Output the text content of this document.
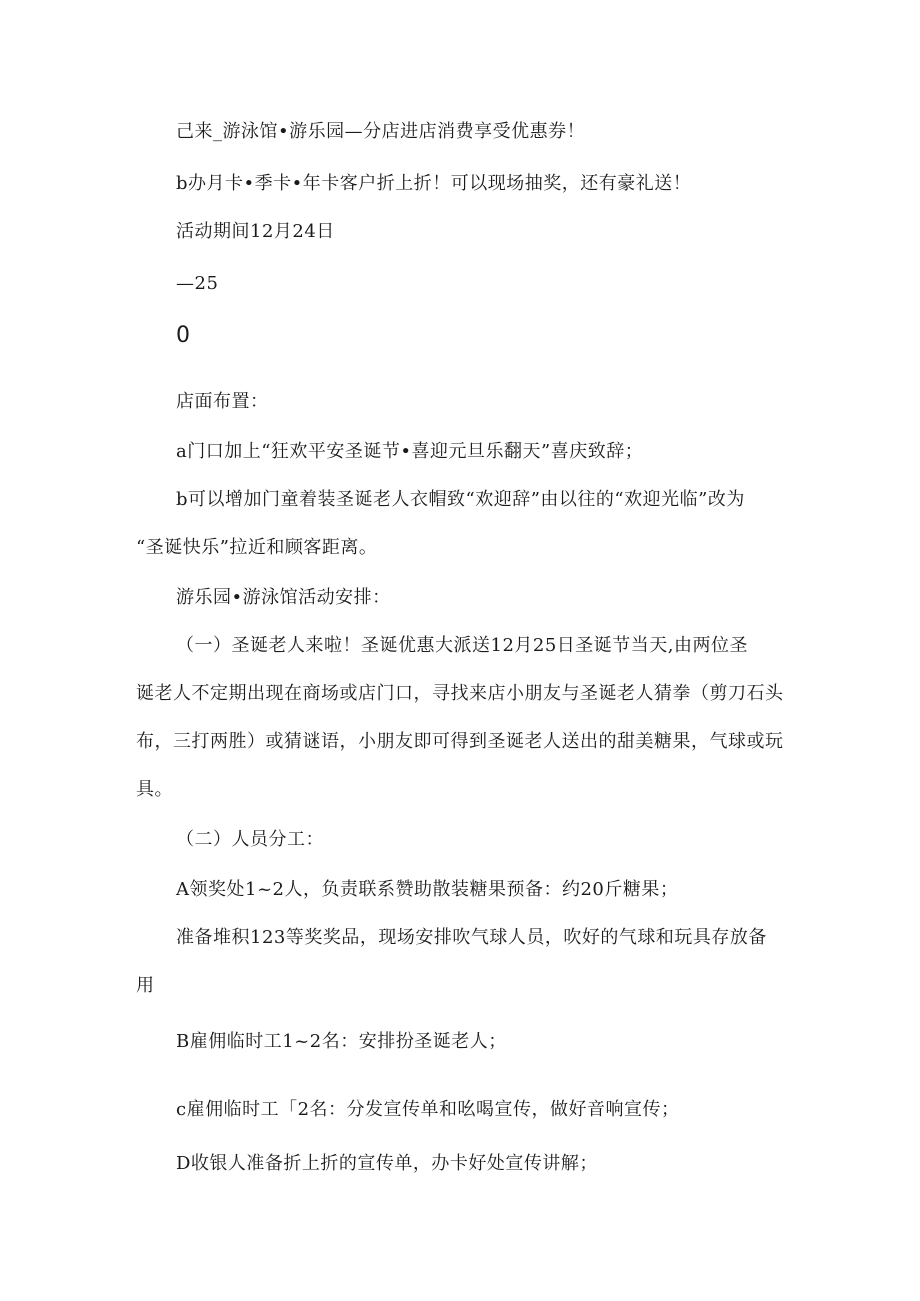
己来_游泳馆•游乐园—分店进店消费享受优惠券！

b办月卡•季卡•年卡客户折上折！可以现场抽奖，还有豪礼送！

活动期间12月24日

—25

0

店面布置：

a门口加上“狂欢平安圣诞节•喜迎元旦乐翻天”喜庆致辞；

b可以增加门童着装圣诞老人衣帽致“欢迎辞”由以往的“欢迎光临”改为

“圣诞快乐”拉近和顾客距离。

游乐园•游泳馆活动安排：

（一）圣诞老人来啦！圣诞优惠大派送12月25日圣诞节当天,由两位圣

诞老人不定期出现在商场或店门口，寻找来店小朋友与圣诞老人猜拳（剪刀石头

布，三打两胜）或猜谜语，小朋友即可得到圣诞老人送出的甜美糖果，气球或玩

具。

（二）人员分工：

A领奖处1~2人，负责联系赞助散装糖果预备：约20斤糖果；

准备堆积123等奖奖品，现场安排吹气球人员，吹好的气球和玩具存放备

用

B雇佣临时工1~2名：安排扮圣诞老人；

c雇佣临时工「2名：分发宣传单和吆喝宣传，做好音响宣传；

D收银人准备折上折的宣传单，办卡好处宣传讲解；
